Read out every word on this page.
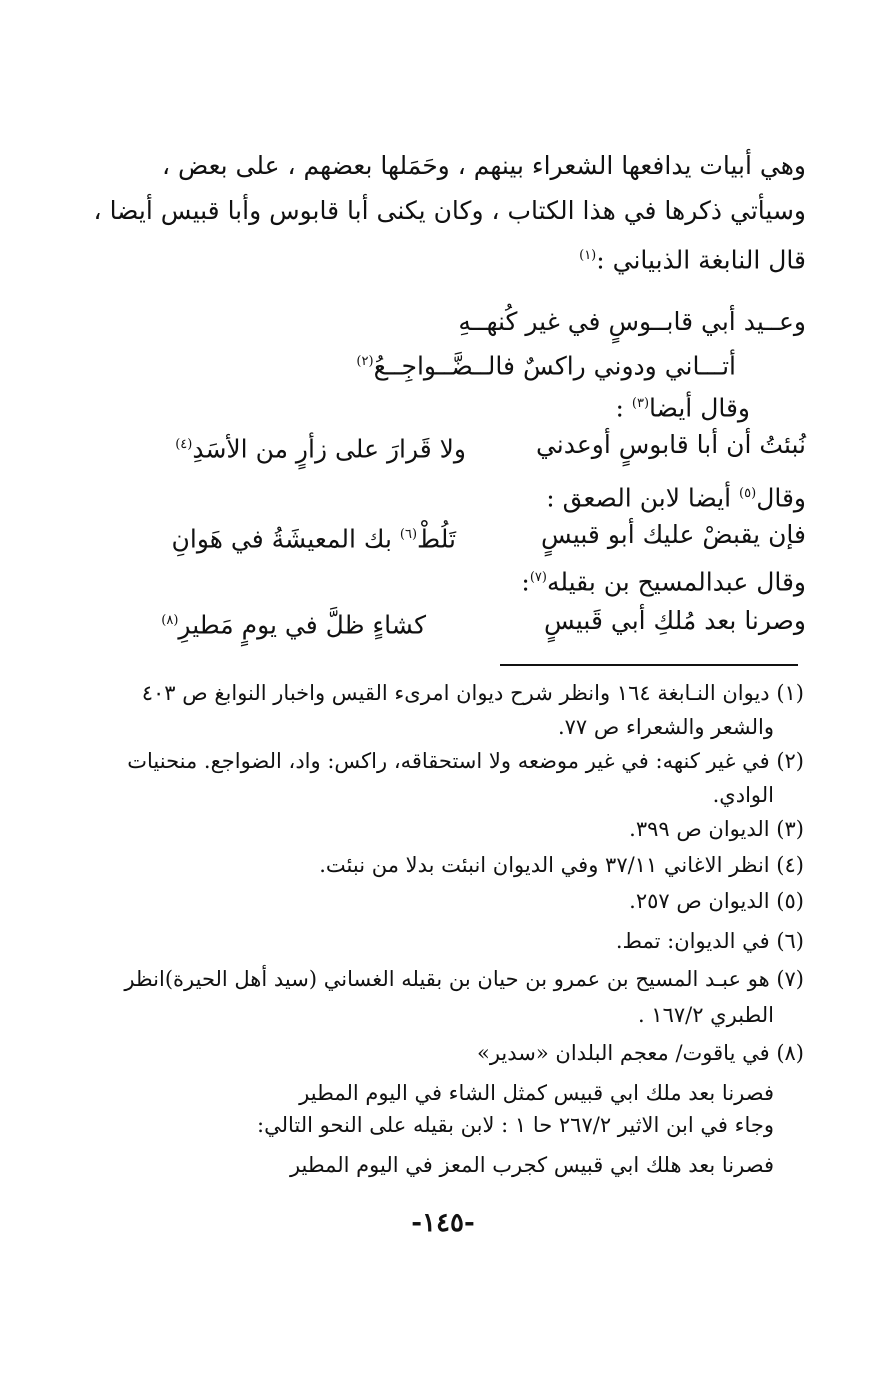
وهي أبيات يدافعها الشعراء بينهم ، وحَمَلها بعضهم ، على بعض ،
وسيأتي ذكرها في هذا الكتاب ، وكان يكنى أبا قابوس وأبا قبيس أيضا ،
قال النابغة الذبياني :$^{(١)}$
وعــيد أبي قابــوسٍ في غير كُنهــهِ
أتـــاني ودوني راكسٌ فالــضَّــواجِــعُ$^{(٢)}$
وقال أيضا$^{(٣)}$ :
نُبئتُ أن أبا قابوسٍ أوعدني
ولا قَرارَ على زأرٍ من الأسَدِ$^{(٤)}$
وقال$^{(٥)}$ أيضا لابن الصعق :
فإن يقبضْ عليك أبو قبيسٍ
تَلُطْ$^{(٦)}$ بك المعيشَةُ في هَوانِ
وقال عبدالمسيح بن بقيله$^{(٧)}$:
وصرنا بعد مُلكِ أبي قَبيسٍ
كشاءٍ ظلَّ في يومٍ مَطيرِ$^{(٨)}$
(١) ديوان النـابغة ١٦٤ وانظر شرح ديوان امرىء القيس واخبار النوابغ ص ٤٠٣
والشعر والشعراء ص ٧٧.
(٢) في غير كنهه: في غير موضعه ولا استحقاقه، راكس: واد، الضواجع. منحنيات
الوادي.
(٣) الديوان ص ٣٩٩.
(٤) انظر الاغاني ٣٧/١١ وفي الديوان انبئت بدلا من نبئت.
(٥) الديوان ص ٢٥٧.
(٦) في الديوان: تمط.
(٧) هو عبـد المسيح بن عمرو بن حيان بن بقيله الغساني (سيد أهل الحيرة)انظر
الطبري ١٦٧/٢ .
(٨) في ياقوت/ معجم البلدان «سدير»
فصرنا بعد ملك ابي قبيس كمثل الشاء في اليوم المطير
وجاء في ابن الاثير ٢٦٧/٢ حا ١ : لابن بقيله على النحو التالي:
فصرنا بعد هلك ابي قبيس كجرب المعز في اليوم المطير
-١٤٥-
